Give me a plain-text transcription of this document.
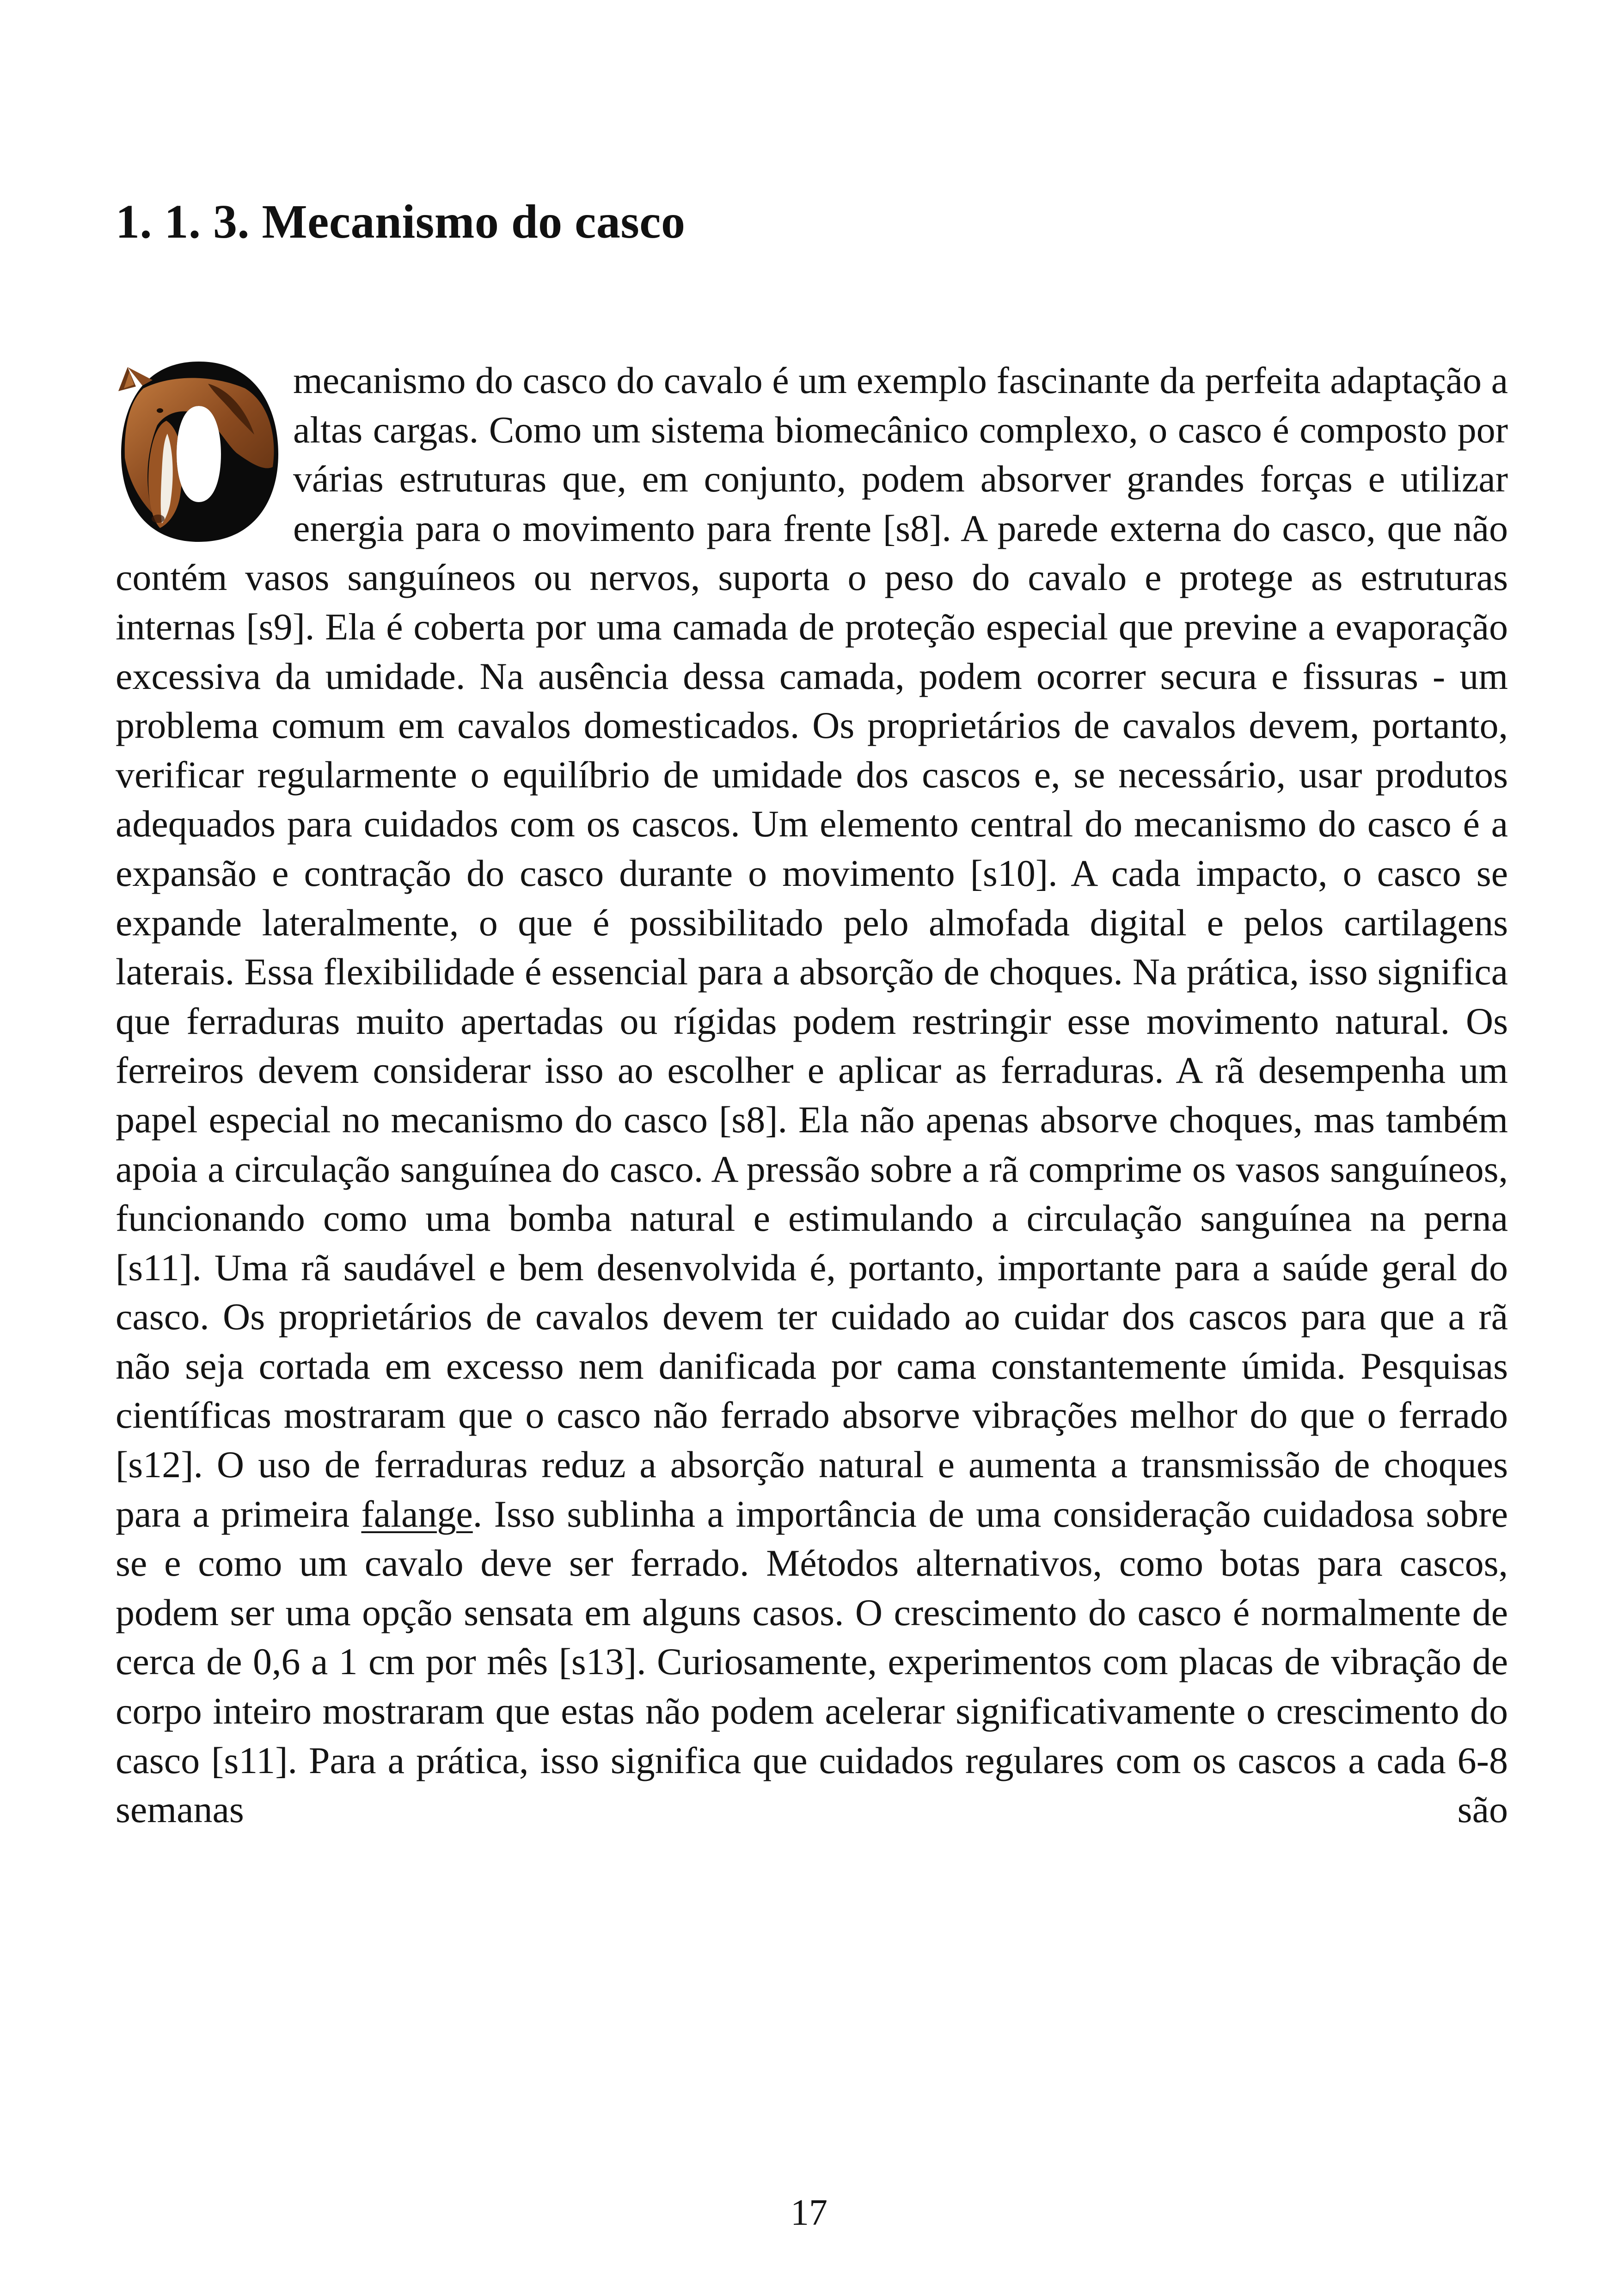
1. 1. 3. Mecanismo do casco
mecanismo do casco do cavalo é um exemplo fascinante da perfeita adaptação a altas cargas. Como um sistema biomecânico complexo, o casco é composto por várias estruturas que, em conjunto, podem absorver grandes forças e utilizar energia para o movimento para frente [s8]. A parede externa do casco, que não contém vasos sanguíneos ou nervos, suporta o peso do cavalo e protege as estruturas internas [s9]. Ela é coberta por uma camada de proteção especial que previne a evaporação excessiva da umidade. Na ausência dessa camada, podem ocorrer secura e fissuras - um problema comum em cavalos domesticados. Os proprietários de cavalos devem, portanto, verificar regularmente o equilíbrio de umidade dos cascos e, se necessário, usar produtos adequados para cuidados com os cascos. Um elemento central do mecanismo do casco é a expansão e contração do casco durante o movimento [s10]. A cada impacto, o casco se expande lateralmente, o que é possibilitado pelo almofada digital e pelos cartilagens laterais. Essa flexibilidade é essencial para a absorção de choques. Na prática, isso significa que ferraduras muito apertadas ou rígidas podem restringir esse movimento natural. Os ferreiros devem considerar isso ao escolher e aplicar as ferraduras. A rã desempenha um papel especial no mecanismo do casco [s8]. Ela não apenas absorve choques, mas também apoia a circulação sanguínea do casco. A pressão sobre a rã comprime os vasos sanguíneos, funcionando como uma bomba natural e estimulando a circulação sanguínea na perna [s11]. Uma rã saudável e bem desenvolvida é, portanto, importante para a saúde geral do casco. Os proprietários de cavalos devem ter cuidado ao cuidar dos cascos para que a rã não seja cortada em excesso nem danificada por cama constantemente úmida. Pesquisas científicas mostraram que o casco não ferrado absorve vibrações melhor do que o ferrado [s12]. O uso de ferraduras reduz a absorção natural e aumenta a transmissão de choques para a primeira falange. Isso sublinha a importância de uma consideração cuidadosa sobre se e como um cavalo deve ser ferrado. Métodos alternativos, como botas para cascos, podem ser uma opção sensata em alguns casos. O crescimento do casco é normalmente de cerca de 0,6 a 1 cm por mês [s13]. Curiosamente, experimentos com placas de vibração de corpo inteiro mostraram que estas não podem acelerar significativamente o crescimento do casco [s11]. Para a prática, isso significa que cuidados regulares com os cascos a cada 6-8 semanas são
17
